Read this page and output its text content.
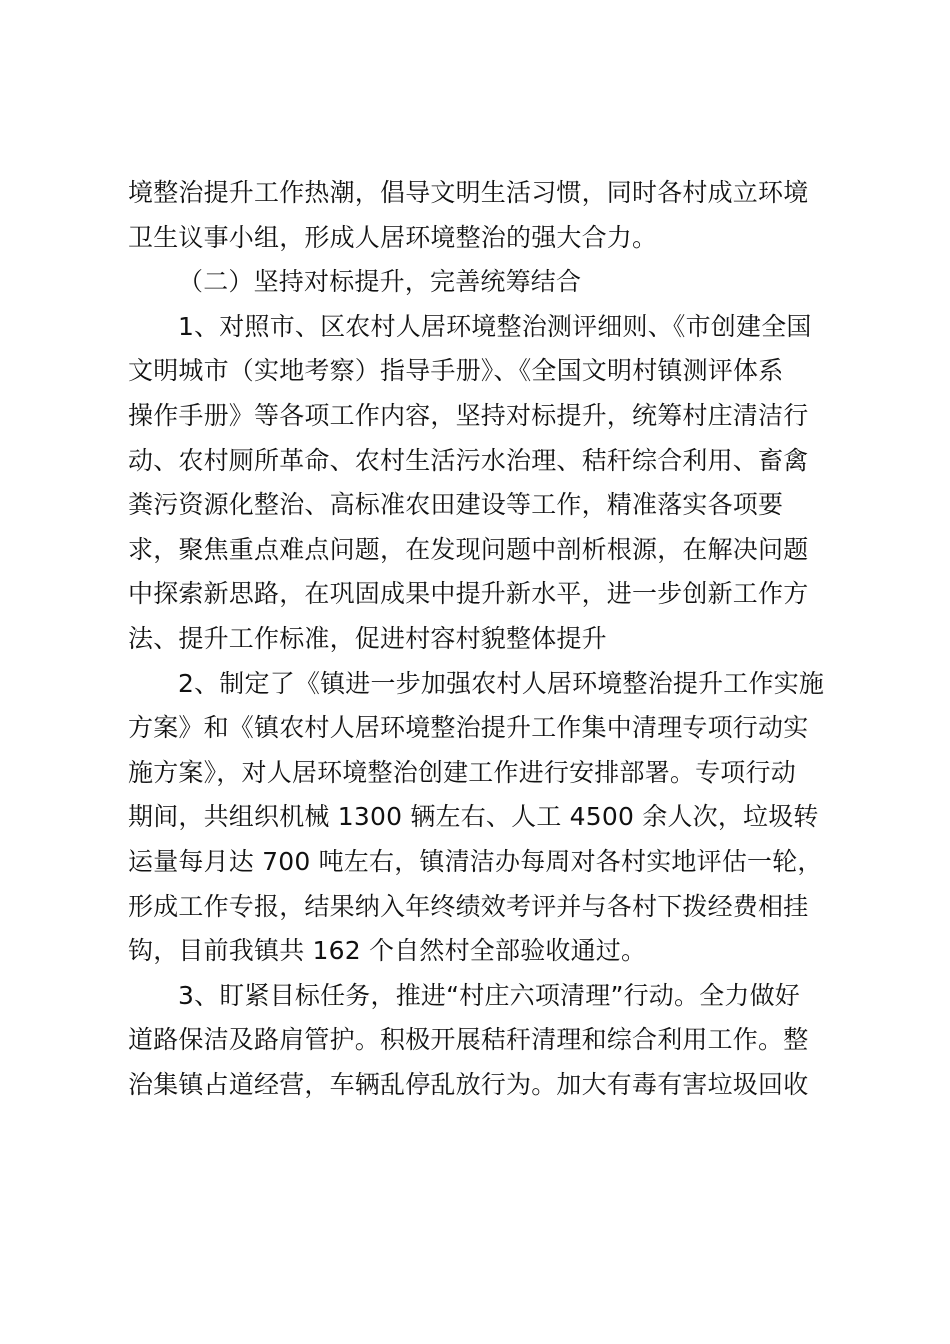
境整治提升工作热潮，倡导文明生活习惯，同时各村成立环境
卫生议事小组，形成人居环境整治的强大合力。
（二）坚持对标提升，完善统筹结合
1、对照市、区农村人居环境整治测评细则、《市创建全国
文明城市（实地考察）指导手册》、《全国文明村镇测评体系
操作手册》等各项工作内容，坚持对标提升，统筹村庄清洁行
动、农村厕所革命、农村生活污水治理、秸秆综合利用、畜禽
粪污资源化整治、高标准农田建设等工作，精准落实各项要
求，聚焦重点难点问题，在发现问题中剖析根源，在解决问题
中探索新思路，在巩固成果中提升新水平，进一步创新工作方
法、提升工作标准，促进村容村貌整体提升
2、制定了《镇进一步加强农村人居环境整治提升工作实施
方案》和《镇农村人居环境整治提升工作集中清理专项行动实
施方案》，对人居环境整治创建工作进行安排部署。专项行动
期间，共组织机械 1300 辆左右、人工 4500 余人次，垃圾转
运量每月达 700 吨左右，镇清洁办每周对各村实地评估一轮，
形成工作专报，结果纳入年终绩效考评并与各村下拨经费相挂
钩，目前我镇共 162 个自然村全部验收通过。
3、盯紧目标任务，推进“村庄六项清理”行动。全力做好
道路保洁及路肩管护。积极开展秸秆清理和综合利用工作。整
治集镇占道经营，车辆乱停乱放行为。加大有毒有害垃圾回收
